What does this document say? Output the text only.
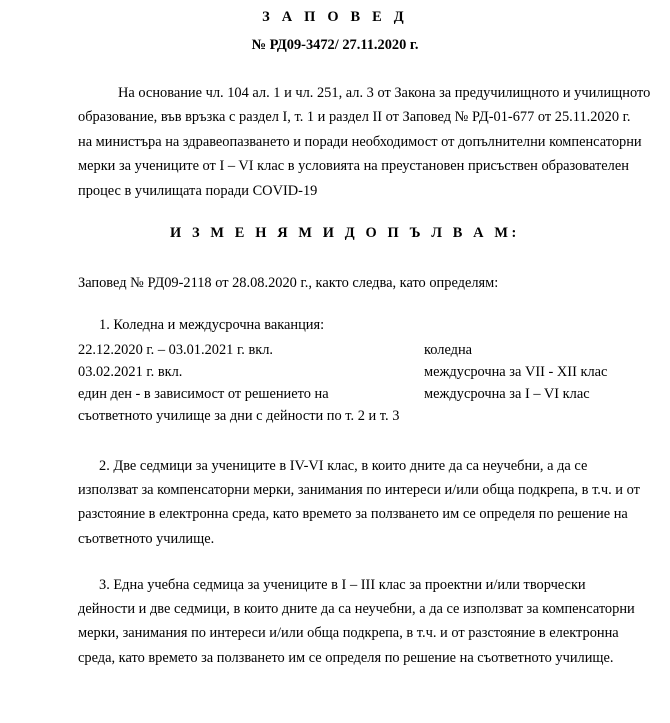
З А П О В Е Д
№ РД09-3472/ 27.11.2020 г.
На основание чл. 104 ал. 1 и чл. 251, ал. 3 от Закона за предучилищното и училищното
образование, във връзка с раздел I, т. 1 и раздел II от Заповед № РД-01-677 от 25.11.2020 г.
на министъра на здравеопазването и поради необходимост от допълнителни компенсаторни
мерки за учениците от I – VI клас в условията на преустановен присъствен образователен
процес в училищата поради COVID-19
И З М Е Н Я М И Д О П Ъ Л В А М:
Заповед № РД09-2118 от 28.08.2020 г., както следва, като определям:
1. Коледна и междусрочна ваканция:
22.12.2020 г. – 03.01.2021 г. вкл.	коледна
03.02.2021 г. вкл.	междусрочна за VII - XII клас
един ден - в зависимост от решението на	междусрочна за I – VI клас
съответното училище за дни с дейности по т. 2 и т. 3
2. Две седмици за учениците в IV-VI клас, в които дните да са неучебни, а да се
използват за компенсаторни мерки, занимания по интереси и/или обща подкрепа, в т.ч. и от
разстояние в електронна среда, като времето за ползването им се определя по решение на
съответното училище.
3. Една учебна седмица за учениците в I – III клас за проектни и/или творчески
дейности и две седмици, в които дните да са неучебни, а да се използват за компенсаторни
мерки, занимания по интереси и/или обща подкрепа, в т.ч. и от разстояние в електронна
среда, като времето за ползването им се определя по решение на съответното училище.
